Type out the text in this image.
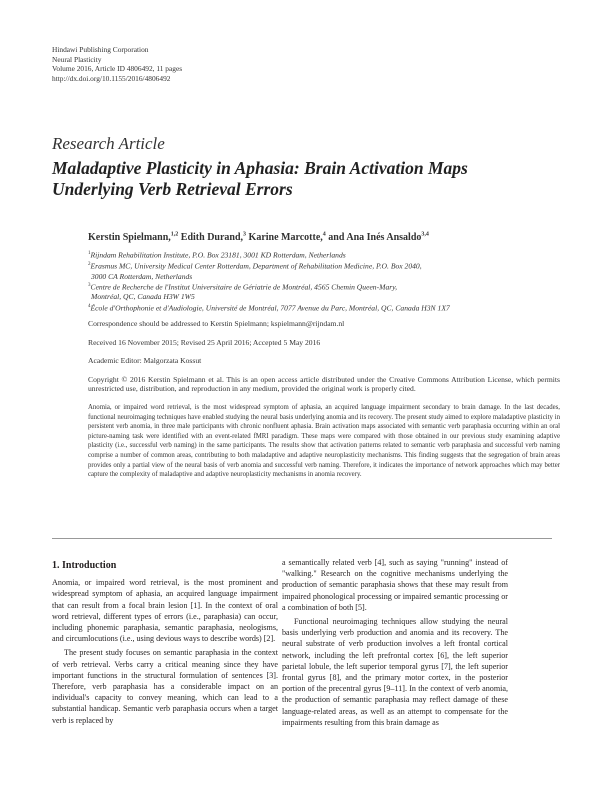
Hindawi Publishing Corporation
Neural Plasticity
Volume 2016, Article ID 4806492, 11 pages
http://dx.doi.org/10.1155/2016/4806492
Research Article
Maladaptive Plasticity in Aphasia: Brain Activation Maps Underlying Verb Retrieval Errors
Kerstin Spielmann,$^{1,2}$ Edith Durand,$^3$ Karine Marcotte,$^4$ and Ana Inés Ansaldo$^{3,4}$
$^1$Rijndam Rehabilitation Institute, P.O. Box 23181, 3001 KD Rotterdam, Netherlands
$^2$Erasmus MC, University Medical Center Rotterdam, Department of Rehabilitation Medicine, P.O. Box 2040,
3000 CA Rotterdam, Netherlands
$^3$Centre de Recherche de l'Institut Universitaire de Gériatrie de Montréal, 4565 Chemin Queen-Mary,
Montréal, QC, Canada H3W 1W5
$^4$École d'Orthophonie et d'Audiologie, Université de Montréal, 7077 Avenue du Parc, Montréal, QC, Canada H3N 1X7
Correspondence should be addressed to Kerstin Spielmann; kspielmann@rijndam.nl
Received 16 November 2015; Revised 25 April 2016; Accepted 5 May 2016
Academic Editor: Malgorzata Kossut
Copyright © 2016 Kerstin Spielmann et al. This is an open access article distributed under the Creative Commons Attribution License, which permits unrestricted use, distribution, and reproduction in any medium, provided the original work is properly cited.
Anomia, or impaired word retrieval, is the most widespread symptom of aphasia, an acquired language impairment secondary to brain damage. In the last decades, functional neuroimaging techniques have enabled studying the neural basis underlying anomia and its recovery. The present study aimed to explore maladaptive plasticity in persistent verb anomia, in three male participants with chronic nonfluent aphasia. Brain activation maps associated with semantic verb paraphasia occurring within an oral picture-naming task were identified with an event-related fMRI paradigm. These maps were compared with those obtained in our previous study examining adaptive plasticity (i.e., successful verb naming) in the same participants. The results show that activation patterns related to semantic verb paraphasia and successful verb naming comprise a number of common areas, contributing to both maladaptive and adaptive neuroplasticity mechanisms. This finding suggests that the segregation of brain areas provides only a partial view of the neural basis of verb anomia and successful verb naming. Therefore, it indicates the importance of network approaches which may better capture the complexity of maladaptive and adaptive neuroplasticity mechanisms in anomia recovery.
1. Introduction

Anomia, or impaired word retrieval, is the most prominent and widespread symptom of aphasia, an acquired language impairment that can result from a focal brain lesion [1]. In the context of oral word retrieval, different types of errors (i.e., paraphasia) can occur, including phonemic paraphasia, semantic paraphasia, neologisms, and circumlocutions (i.e., using devious ways to describe words) [2].

The present study focuses on semantic paraphasia in the context of verb retrieval. Verbs carry a critical meaning since they have important functions in the structural formulation of sentences [3]. Therefore, verb paraphasia has a considerable impact on an individual's capacity to convey meaning, which can lead to a substantial handicap. Semantic verb paraphasia occurs when a target verb is replaced by

a semantically related verb [4], such as saying "running" instead of "walking." Research on the cognitive mechanisms underlying the production of semantic paraphasia shows that these may result from impaired phonological processing or impaired semantic processing or a combination of both [5].

Functional neuroimaging techniques allow studying the neural basis underlying verb production and anomia and its recovery. The neural substrate of verb production involves a left frontal cortical network, including the left prefrontal cortex [6], the left superior parietal lobule, the left superior temporal gyrus [7], the left superior frontal gyrus [8], and the primary motor cortex, in the posterior portion of the precentral gyrus [9–11]. In the context of verb anomia, the production of semantic paraphasia may reflect damage of these language-related areas, as well as an attempt to compensate for the impairments resulting from this brain damage as
